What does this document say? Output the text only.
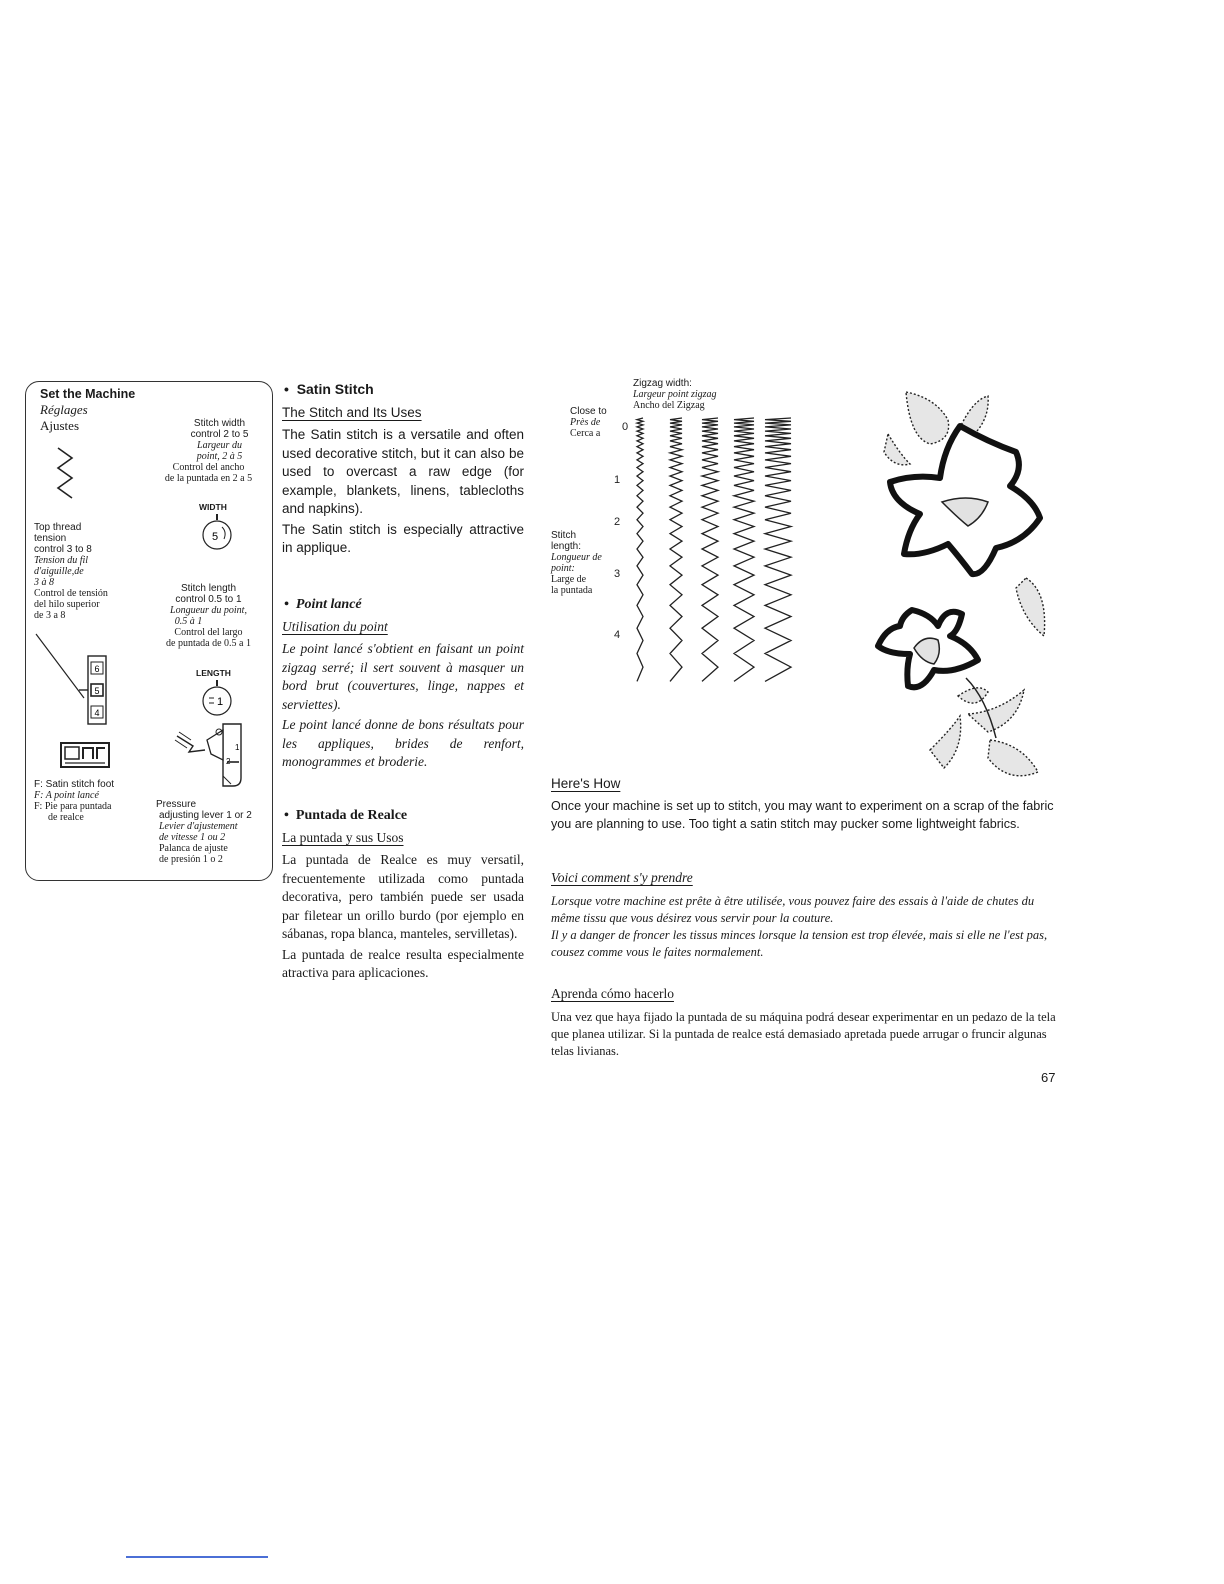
Set the Machine
Réglages
Ajustes
Top thread
tension
control 3 to 8
Tension du fil
d'aiguille,de
3 à 8
Control de tensión
del hilo superior
de 3 a 8
6
5
4
F: Satin stitch foot
F: A point lancé
F: Pie para puntada
de realce
Stitch width
control 2 to 5
Largeur du
point, 2 à 5
Control del ancho
de la puntada en 2 a 5
WIDTH
5
Stitch length
control 0.5 to 1
Longueur du point,
0.5 à 1
Control del largo
de puntada de 0.5 a 1
LENGTH
1
1
2
Pressure
adjusting lever 1 or 2
Levier d'ajustement
de vitesse 1 ou 2
Palanca de ajuste
de presión 1 o 2
•  Satin Stitch
The Stitch and Its Uses

The Satin stitch is a versatile and often used decorative stitch, but it can also be used to overcast a raw edge (for example, blankets, linens, tablecloths and napkins).

The Satin stitch is especially attractive in applique.

•  Point lancé
Utilisation du point

Le point lancé s'obtient en faisant un point zigzag serré; il sert souvent à masquer un bord brut (couvertures, linge, nappes et serviettes).

Le point lancé donne de bons résultats pour les appliques, brides de renfort, monogrammes et broderie.

•  Puntada de Realce
La puntada y sus Usos

La puntada de Realce es muy versatil, frecuentemente utilizada como puntada decorativa, pero también puede ser usada par filetear un orillo burdo (por ejemplo en sábanas, ropa blanca, manteles, servilletas).

La puntada de realce resulta especialmente atractiva para aplicaciones.

Zigzag width:
Largeur point zigzag
Ancho del Zigzag
Close to
Près de
Cerca a
Stitch
length:
Longueur de
point:
Large de
la puntada
0
1
2
3
4
Here's How

Once your machine is set up to stitch, you may want to experiment on a scrap of the fabric you are planning to use. Too tight a satin stitch may pucker some lightweight fabrics.

Voici comment s'y prendre

Lorsque votre machine est prête à être utilisée, vous pouvez faire des essais à l'aide de chutes du même tissu que vous désirez vous servir pour la couture.

Il y a danger de froncer les tissus minces lorsque la tension est trop élevée, mais si elle ne l'est pas, cousez comme vous le faites normalement.

Aprenda cómo hacerlo

Una vez que haya fijado la puntada de su máquina podrá desear experimentar en un pedazo de la tela que planea utilizar. Si la puntada de realce está demasiado apretada puede arrugar o fruncir algunas telas livianas.

67
